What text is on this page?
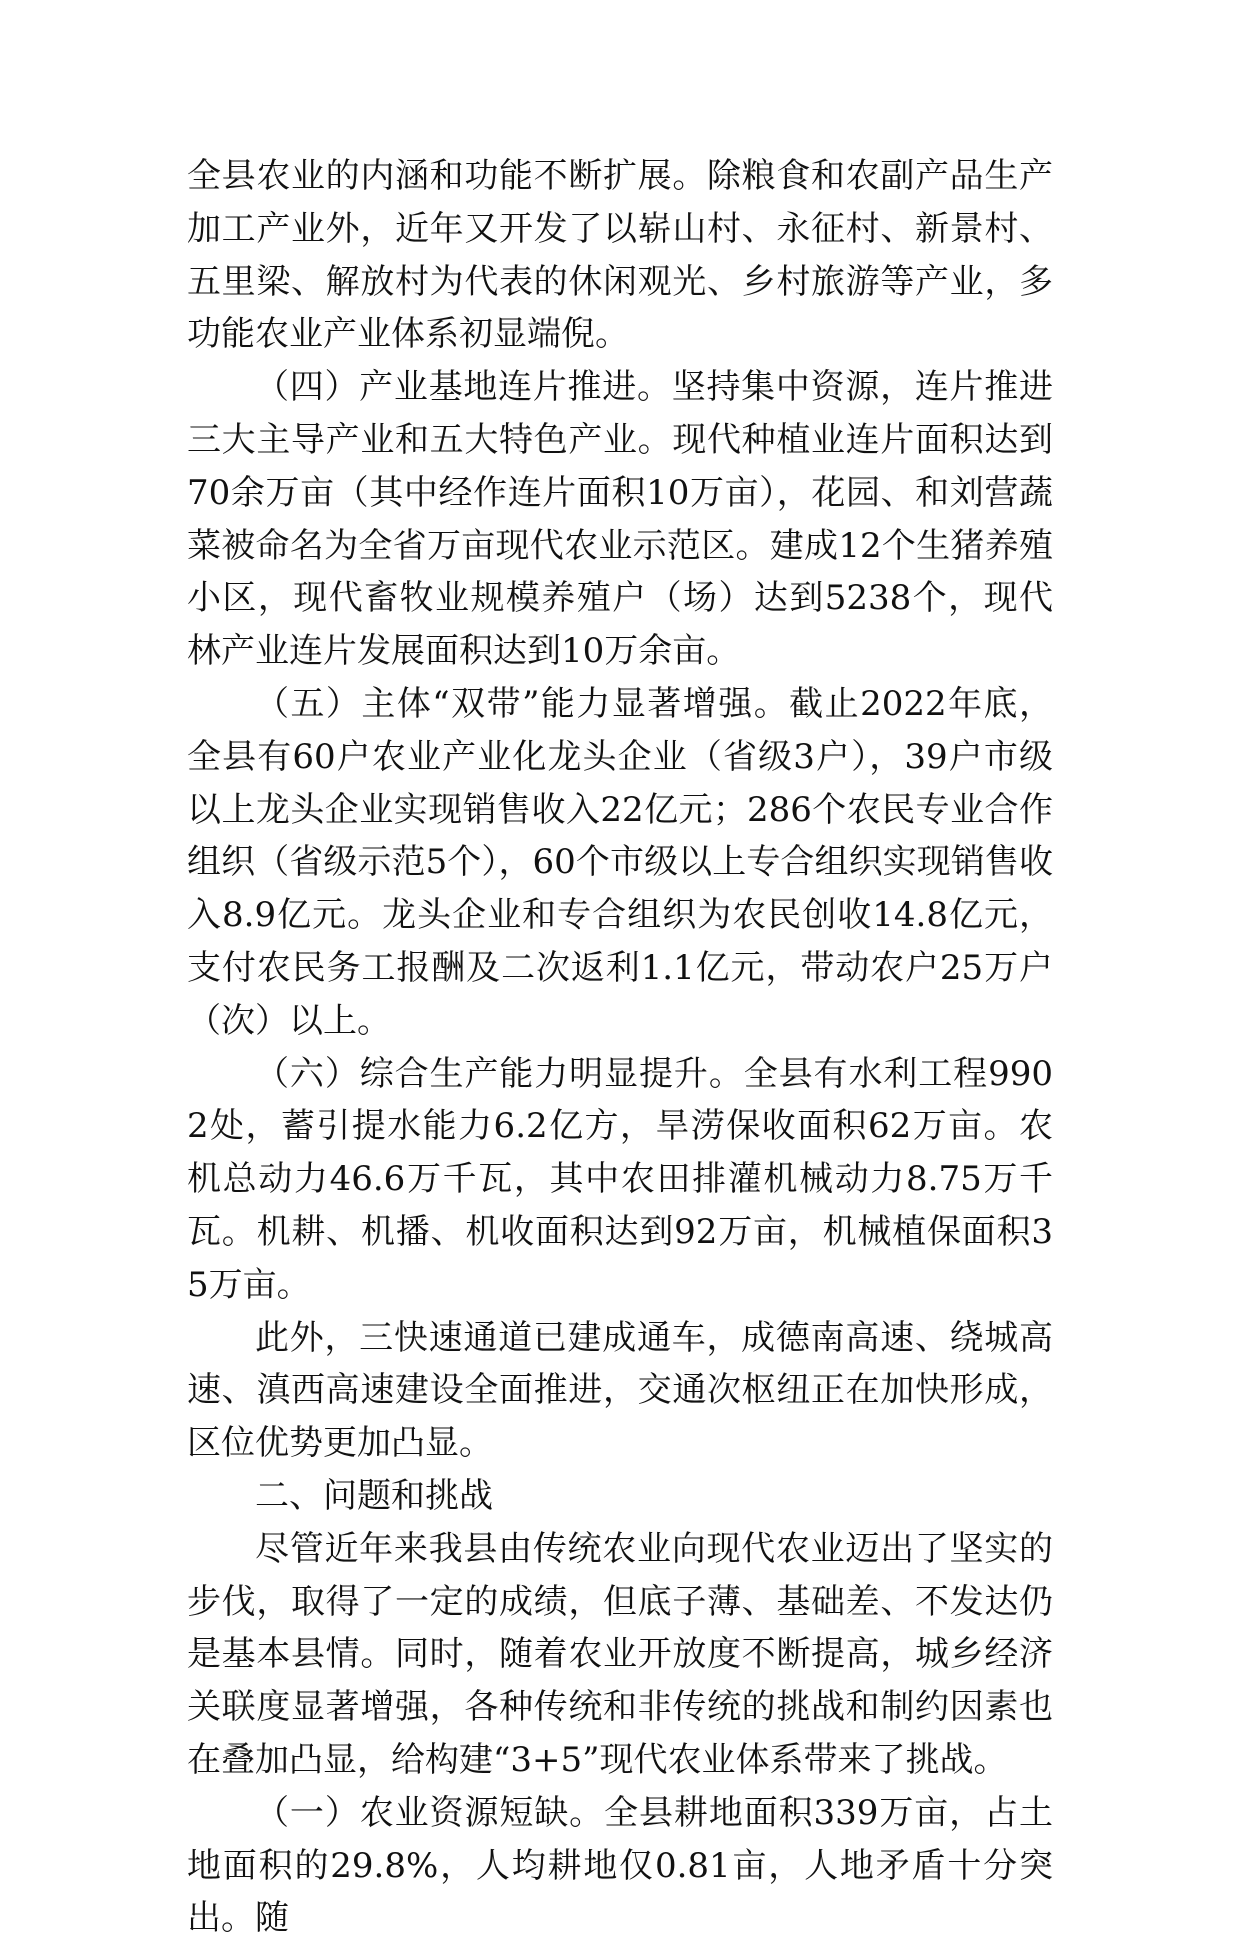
全县农业的内涵和功能不断扩展。除粮食和农副产品生产加工产业外，近年又开发了以崭山村、永征村、新景村、五里梁、解放村为代表的休闲观光、乡村旅游等产业，多功能农业产业体系初显端倪。

（四）产业基地连片推进。坚持集中资源，连片推进三大主导产业和五大特色产业。现代种植业连片面积达到70余万亩（其中经作连片面积10万亩），花园、和刘营蔬菜被命名为全省万亩现代农业示范区。建成12个生猪养殖小区，现代畜牧业规模养殖户（场）达到5238个，现代林产业连片发展面积达到10万余亩。

（五）主体“双带”能力显著增强。截止2022年底，全县有60户农业产业化龙头企业（省级3户），39户市级以上龙头企业实现销售收入22亿元；286个农民专业合作组织（省级示范5个），60个市级以上专合组织实现销售收入8.9亿元。龙头企业和专合组织为农民创收14.8亿元，支付农民务工报酬及二次返利1.1亿元，带动农户25万户（次）以上。

（六）综合生产能力明显提升。全县有水利工程9902处，蓄引提水能力6.2亿方，旱涝保收面积62万亩。农机总动力46.6万千瓦，其中农田排灌机械动力8.75万千瓦。机耕、机播、机收面积达到92万亩，机械植保面积35万亩。

此外，三快速通道已建成通车，成德南高速、绕城高速、滇西高速建设全面推进，交通次枢纽正在加快形成，区位优势更加凸显。

二、问题和挑战

尽管近年来我县由传统农业向现代农业迈出了坚实的步伐，取得了一定的成绩，但底子薄、基础差、不发达仍是基本县情。同时，随着农业开放度不断提高，城乡经济关联度显著增强，各种传统和非传统的挑战和制约因素也在叠加凸显，给构建“3+5”现代农业体系带来了挑战。

（一）农业资源短缺。全县耕地面积339万亩，占土地面积的29.8%，人均耕地仅0.81亩，人地矛盾十分突出。随
